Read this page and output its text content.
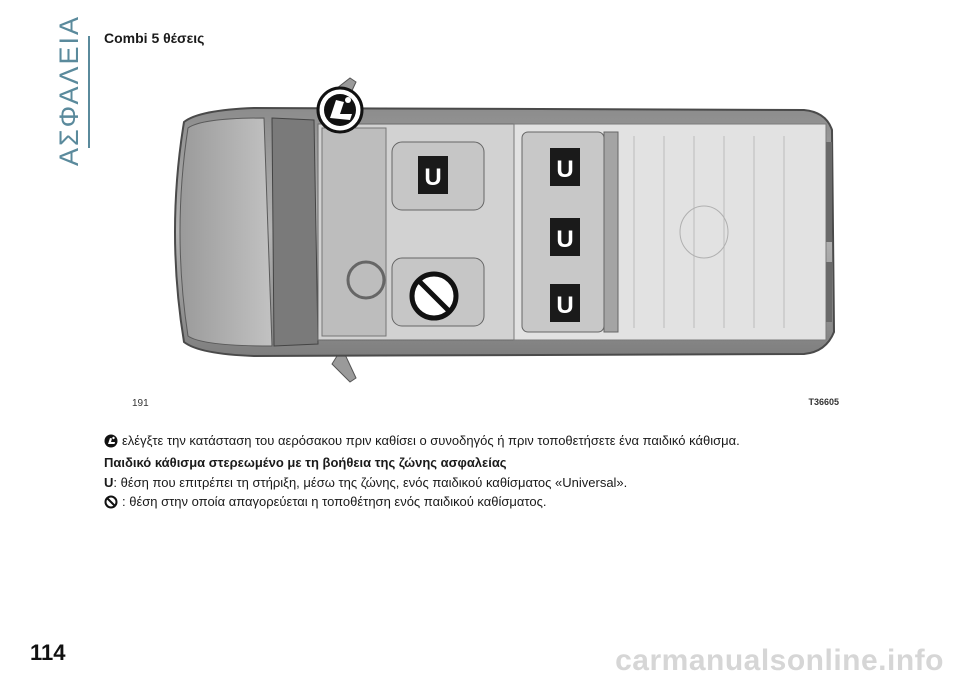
ΑΣΦΑΛΕΙΑ Combi 5 θέσεις
U	U
U
U
191	T36605
ελέγξτε την κατάσταση του αερόσακου πριν καθίσει ο συνοδηγός ή πριν τοποθετήσετε ένα παιδικό κάθισμα.
Παιδικό κάθισμα στερεωμένο με τη βοήθεια της ζώνης ασφαλείας
U: θέση που επιτρέπει τη στήριξη, μέσω της ζώνης, ενός παιδικού καθίσματος «Universal».
: θέση στην οποία απαγορεύεται η τοποθέτηση ενός παιδικού καθίσματος.
114	carmanualsonline.info
